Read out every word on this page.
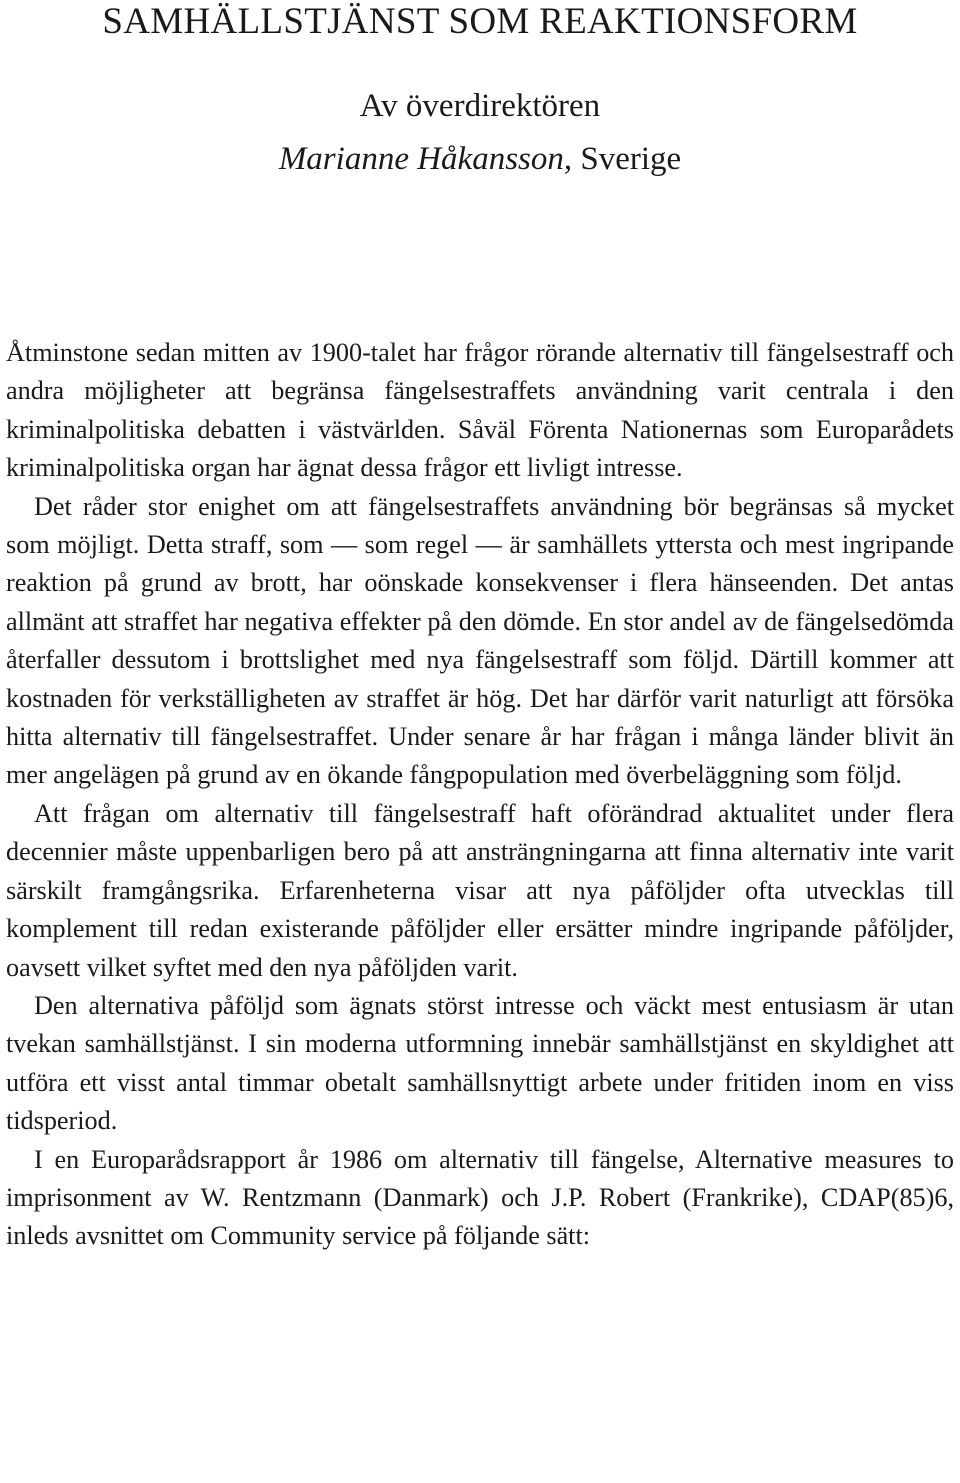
SAMHÄLLSTJÄNST SOM REAKTIONSFORM
Av överdirektören
Marianne Håkansson, Sverige

Åtminstone sedan mitten av 1900-talet har frågor rörande alternativ till fängelsestraff och andra möjligheter att begränsa fängelsestraffets användning varit centrala i den kriminalpolitiska debatten i västvärlden. Såväl Förenta Nationernas som Europarådets kriminalpolitiska organ har ägnat dessa frågor ett livligt intresse.

Det råder stor enighet om att fängelsestraffets användning bör begränsas så mycket som möjligt. Detta straff, som — som regel — är samhällets yttersta och mest ingripande reaktion på grund av brott, har oönskade konsekvenser i flera hänseenden. Det antas allmänt att straffet har negativa effekter på den dömde. En stor andel av de fängelsedömda återfaller dessutom i brottslighet med nya fängelsestraff som följd. Därtill kommer att kostnaden för verkställigheten av straffet är hög. Det har därför varit naturligt att försöka hitta alternativ till fängelsestraffet. Under senare år har frågan i många länder blivit än mer angelägen på grund av en ökande fångpopulation med överbeläggning som följd.

Att frågan om alternativ till fängelsestraff haft oförändrad aktualitet under flera decennier måste uppenbarligen bero på att ansträngningarna att finna alternativ inte varit särskilt framgångsrika. Erfarenheterna visar att nya påföljder ofta utvecklas till komplement till redan existerande påföljder eller ersätter mindre ingripande påföljder, oavsett vilket syftet med den nya påföljden varit.

Den alternativa påföljd som ägnats störst intresse och väckt mest entusiasm är utan tvekan samhällstjänst. I sin moderna utformning innebär samhällstjänst en skyldighet att utföra ett visst antal timmar obetalt samhällsnyttigt arbete under fritiden inom en viss tidsperiod.

I en Europarådsrapport år 1986 om alternativ till fängelse, Alternative measures to imprisonment av W. Rentzmann (Danmark) och J.P. Robert (Frankrike), CDAP(85)6, inleds avsnittet om Community service på följande sätt:
